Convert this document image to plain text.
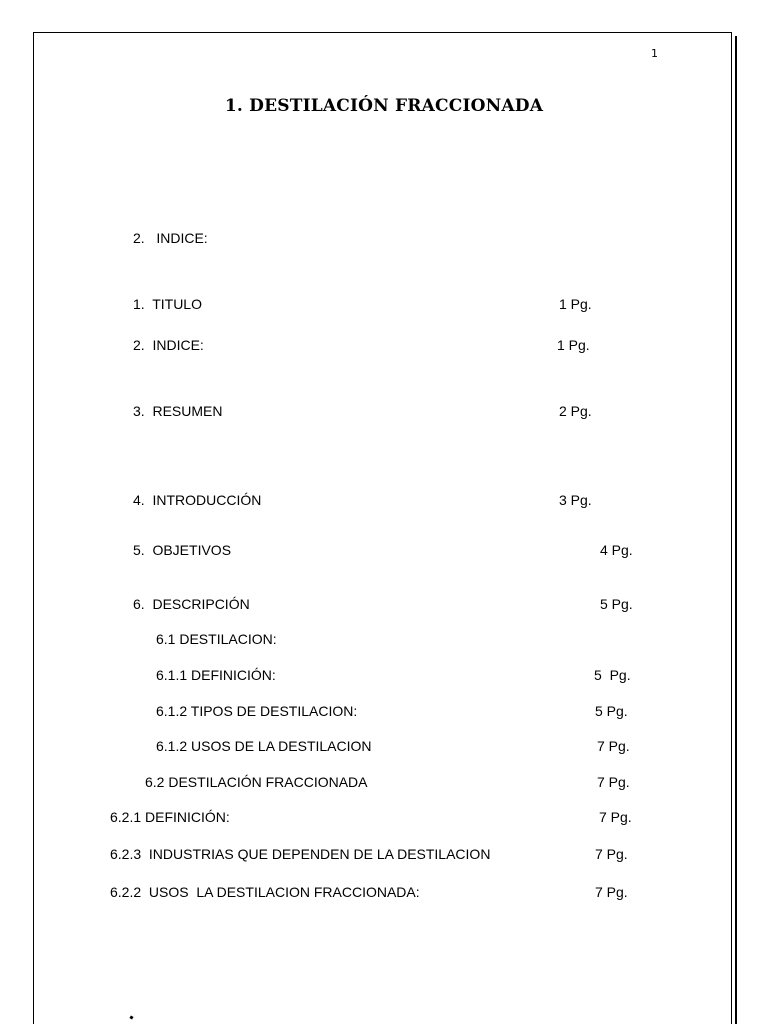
1
1. DESTILACIÓN FRACCIONADA
2.   INDICE:
1.  TITULO	1 Pg.
2.  INDICE:	1 Pg.
3.  RESUMEN	2 Pg.
4.  INTRODUCCIÓN	3 Pg.
5.  OBJETIVOS	4 Pg.
6.  DESCRIPCIÓN	5 Pg.
6.1 DESTILACION:
6.1.1 DEFINICIÓN:	5  Pg.
6.1.2 TIPOS DE DESTILACION:	5 Pg.
6.1.2 USOS DE LA DESTILACION	7 Pg.
6.2 DESTILACIÓN FRACCIONADA	7 Pg.
6.2.1 DEFINICIÓN:	7 Pg.
6.2.3  INDUSTRIAS QUE DEPENDEN DE LA DESTILACION	7 Pg.
6.2.2  USOS  LA DESTILACION FRACCIONADA:	7 Pg.
